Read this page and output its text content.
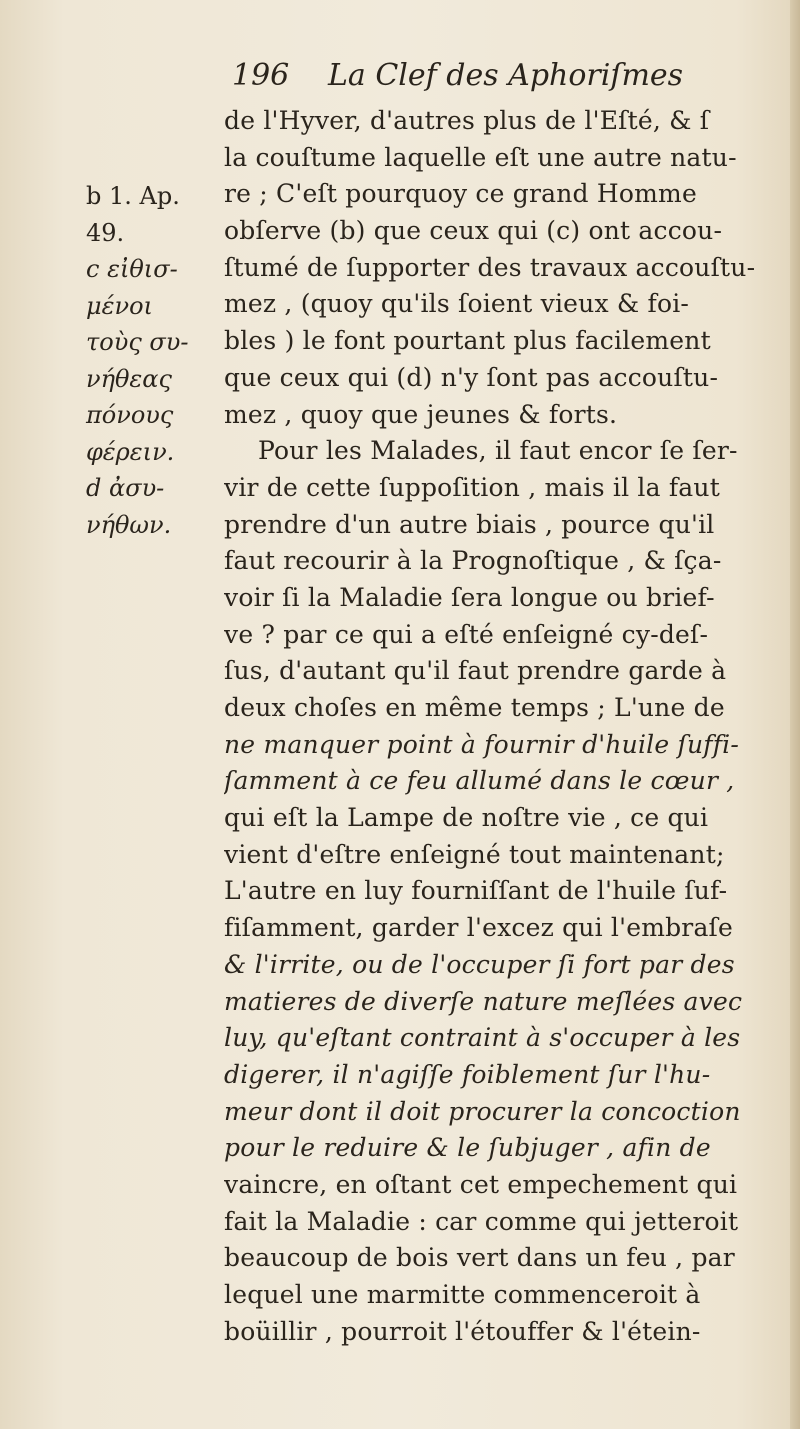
196 La Clef des Aphoriſmes
b 1. Ap.
49.
c εἰθισ-
μένοι
τοὺς συ-
νήθεας
πόνους
φέρειν.
d ἀσυ-
νήθων.
de l'Hyver, d'autres plus de l'Eſté, & ſ
la couſtume laquelle eſt une autre natu-
re ; C'eſt pourquoy ce grand Homme
obſerve (b) que ceux qui (c) ont accou-
ſtumé de ſupporter des travaux accouſtu-
mez , (quoy qu'ils ſoient vieux & foi-
bles ) le font pourtant plus facilement
que ceux qui (d) n'y ſont pas accouſtu-
mez , quoy que jeunes & forts.
Pour les Malades, il faut encor ſe ſer-
vir de cette ſuppoſition , mais il la faut
prendre d'un autre biais , pource qu'il
faut recourir à la Prognoſtique , & ſça-
voir ſi la Maladie ſera longue ou brief-
ve ? par ce qui a eſté enſeigné cy-deſ-
ſus, d'autant qu'il faut prendre garde à
deux choſes en même temps ; L'une de
ne manquer point à fournir d'huile ſuffi-
ſamment à ce feu allumé dans le cœur ,
qui eſt la Lampe de noſtre vie , ce qui
vient d'eſtre enſeigné tout maintenant;
L'autre en luy fourniſſant de l'huile ſuf-
fiſamment, garder l'excez qui l'embraſe
& l'irrite, ou de l'occuper ſi fort par des
matieres de diverſe nature meſlées avec
luy, qu'eſtant contraint à s'occuper à les
digerer, il n'agiſſe foiblement ſur l'hu-
meur dont il doit procurer la concoction
pour le reduire & le ſubjuger , afin de
vaincre, en oſtant cet empechement qui
fait la Maladie : car comme qui jetteroit
beaucoup de bois vert dans un feu , par
lequel une marmitte commenceroit à
boüillir , pourroit l'étouffer & l'étein-
